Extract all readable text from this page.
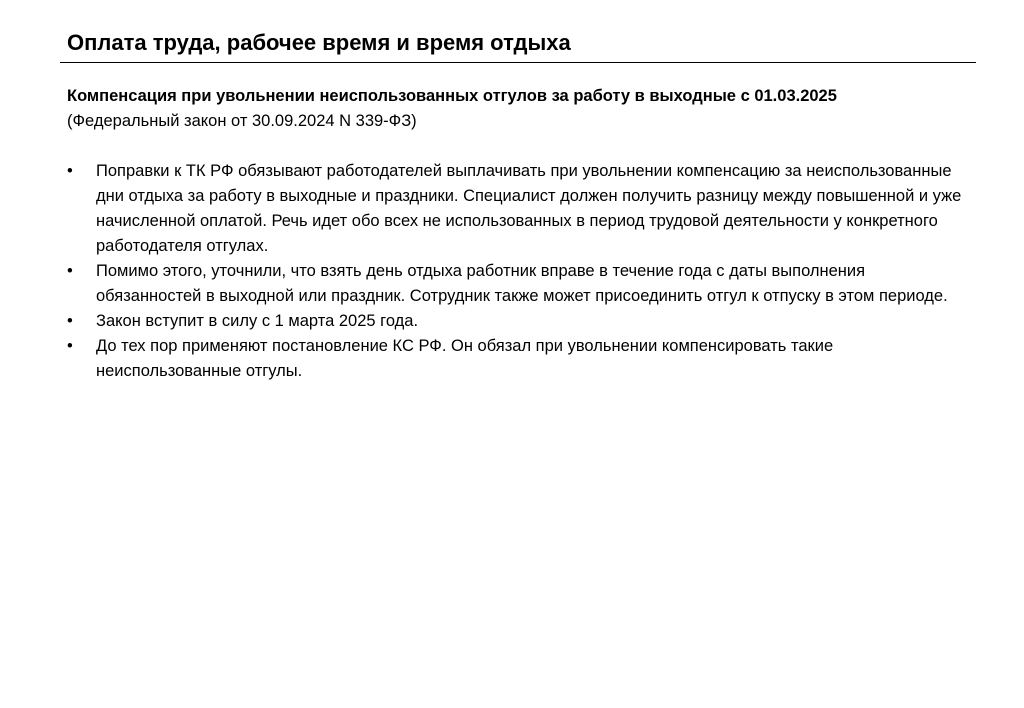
Оплата труда, рабочее время и время отдыха
Компенсация при увольнении неиспользованных отгулов за работу в выходные с 01.03.2025
(Федеральный закон от 30.09.2024 N 339-ФЗ)
• Поправки к ТК РФ обязывают работодателей выплачивать при увольнении компенсацию за неиспользованные дни отдыха за работу в выходные и праздники. Специалист должен получить разницу между повышенной и уже начисленной оплатой. Речь идет обо всех не использованных в период трудовой деятельности у конкретного работодателя отгулах.
• Помимо этого, уточнили, что взять день отдыха работник вправе в течение года с даты выполнения обязанностей в выходной или праздник. Сотрудник также может присоединить отгул к отпуску в этом периоде.
• Закон вступит в силу с 1 марта 2025 года.
• До тех пор применяют постановление КС РФ. Он обязал при увольнении компенсировать такие неиспользованные отгулы.
